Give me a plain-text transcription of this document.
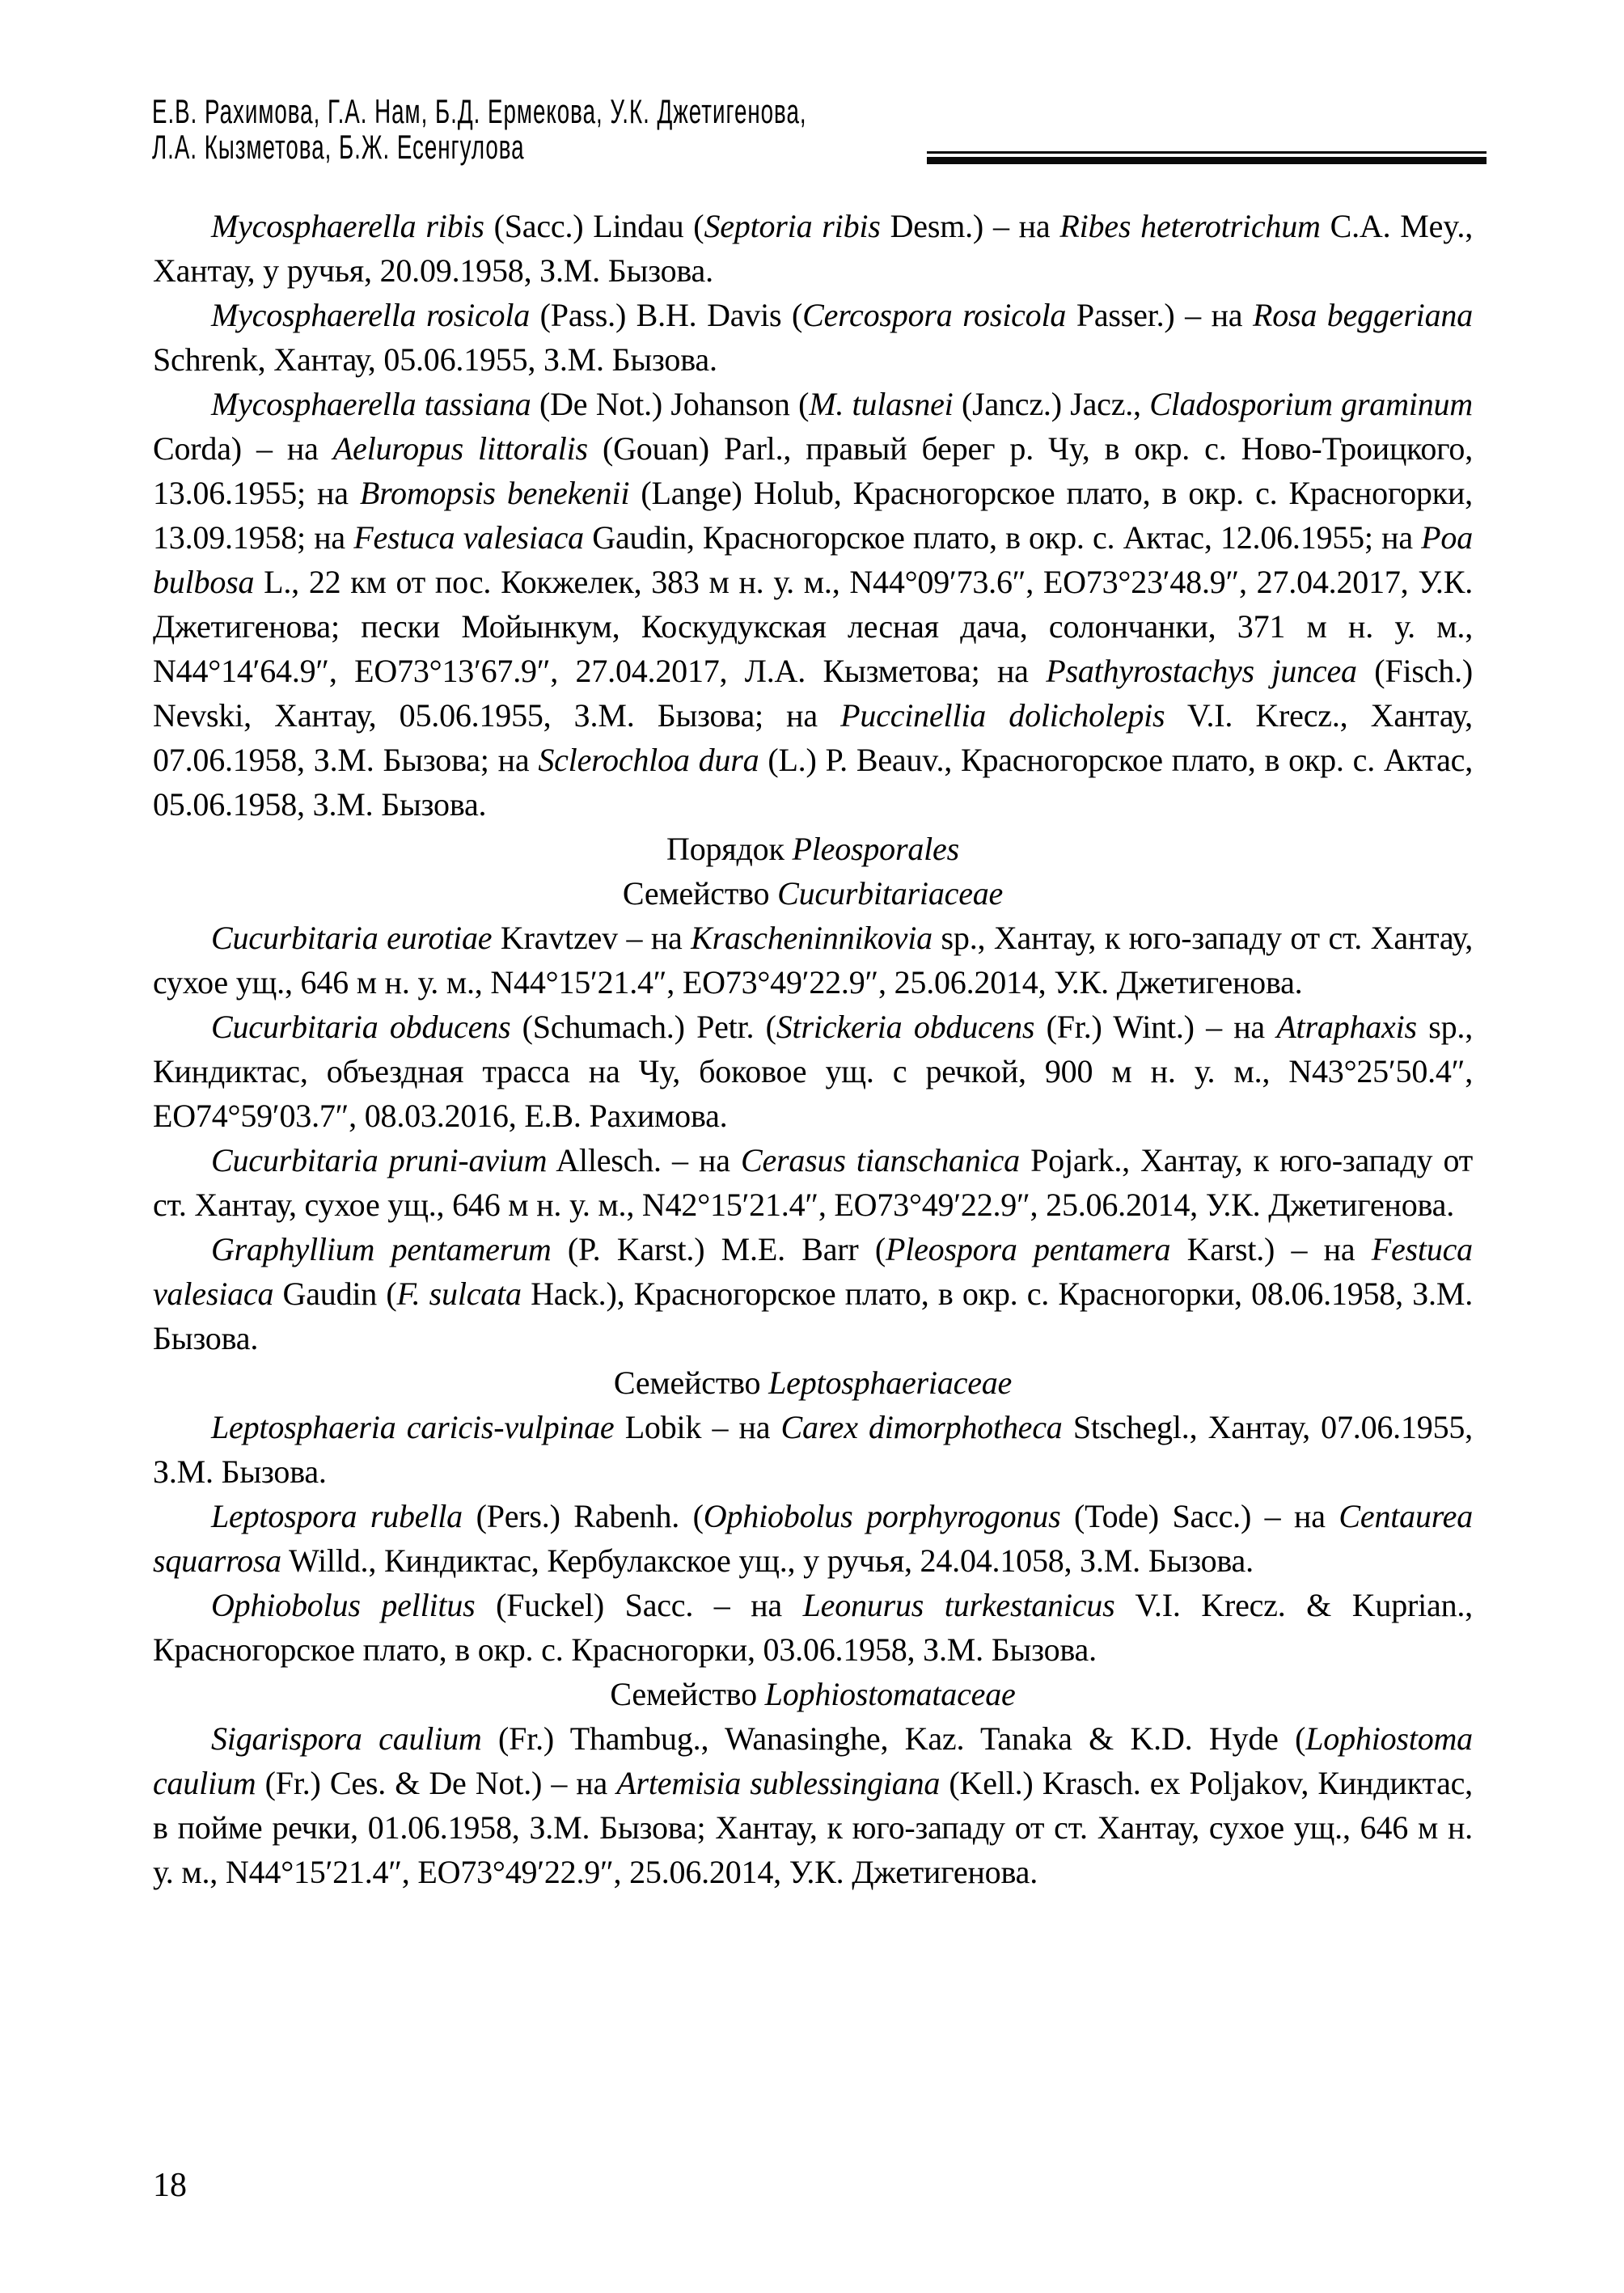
Е.В. Рахимова, Г.А. Нам, Б.Д. Ермекова, У.К. Джетигенова,
Л.А. Кызметова, Б.Ж. Есенгулова

Mycosphaerella ribis (Sacc.) Lindau (Septoria ribis Desm.) – на Ribes heterotrichum C.A. Mey., Хантау, у ручья, 20.09.1958, З.М. Бызова.

Mycosphaerella rosicola (Pass.) B.H. Davis (Cercospora rosicola Passer.) – на Rosa beggeriana Schrenk, Хантау, 05.06.1955, З.М. Бызова.

Mycosphaerella tassiana (De Not.) Johanson (M. tulasnei (Jancz.) Jacz., Cladosporium graminum Corda) – на Aeluropus littoralis (Gouan) Parl., правый берег р. Чу, в окр. с. Ново-Троицкого, 13.06.1955; на Bromopsis benekenii (Lange) Holub, Красногорское плато, в окр. с. Красногорки, 13.09.1958; на Festuca valesiaca Gaudin, Красногорское плато, в окр. с. Актас, 12.06.1955; на Poa bulbosa L., 22 км от пос. Кокжелек, 383 м н. у. м., N44°09′73.6″, EO73°23′48.9″, 27.04.2017, У.К. Джетигенова; пески Мойынкум, Коскудукская лесная дача, солончанки, 371 м н. у. м., N44°14′64.9″, EO73°13′67.9″, 27.04.2017, Л.А. Кызметова; на Psathyrostachys juncea (Fisch.) Nevski, Хантау, 05.06.1955, З.М. Бызова; на Puccinellia dolicholepis V.I. Krecz., Хантау, 07.06.1958, З.М. Бызова; на Sclerochloa dura (L.) P. Beauv., Красногорское плато, в окр. с. Актас, 05.06.1958, З.М. Бызова.

Порядок Pleosporales

Семейство Cucurbitariaceae

Cucurbitaria eurotiae Kravtzev – на Krascheninnikovia sp., Хантау, к юго-западу от ст. Хантау, сухое ущ., 646 м н. у. м., N44°15′21.4″, EO73°49′22.9″, 25.06.2014, У.К. Джетигенова.

Cucurbitaria obducens (Schumach.) Petr. (Strickeria obducens (Fr.) Wint.) – на Atraphaxis sp., Киндиктас, объездная трасса на Чу, боковое ущ. с речкой, 900 м н. у. м., N43°25′50.4″, EO74°59′03.7″, 08.03.2016, Е.В. Рахимова.

Cucurbitaria pruni-avium Allesch. – на Cerasus tianschanica Pojark., Хантау, к юго-западу от ст. Хантау, сухое ущ., 646 м н. у. м., N42°15′21.4″, EO73°49′22.9″, 25.06.2014, У.К. Джетигенова.

Graphyllium pentamerum (P. Karst.) M.E. Barr (Pleospora pentamera Karst.) – на Festuca valesiaca Gaudin (F. sulcata Hack.), Красногорское плато, в окр. с. Красногорки, 08.06.1958, З.М. Бызова.

Семейство Leptosphaeriaceae

Leptosphaeria caricis-vulpinae Lobik – на Carex dimorphotheca Stschegl., Хантау, 07.06.1955, З.М. Бызова.

Leptospora rubella (Pers.) Rabenh. (Ophiobolus porphyrogonus (Tode) Sacc.) – на Centaurea squarrosa Willd., Киндиктас, Кербулакское ущ., у ручья, 24.04.1058, З.М. Бызова.

Ophiobolus pellitus (Fuckel) Sacc. – на Leonurus turkestanicus V.I. Krecz. & Kuprian., Красногорское плато, в окр. с. Красногорки, 03.06.1958, З.М. Бызова.

Семейство Lophiostomataceae

Sigarispora caulium (Fr.) Thambug., Wanasinghe, Kaz. Tanaka & K.D. Hyde (Lophiostoma caulium (Fr.) Ces. & De Not.) – на Artemisia sublessingiana (Kell.) Krasch. ex Poljakov, Киндиктас, в пойме речки, 01.06.1958, З.М. Бызова; Хантау, к юго-западу от ст. Хантау, сухое ущ., 646 м н. у. м., N44°15′21.4″, EO73°49′22.9″, 25.06.2014, У.К. Джетигенова.

18
